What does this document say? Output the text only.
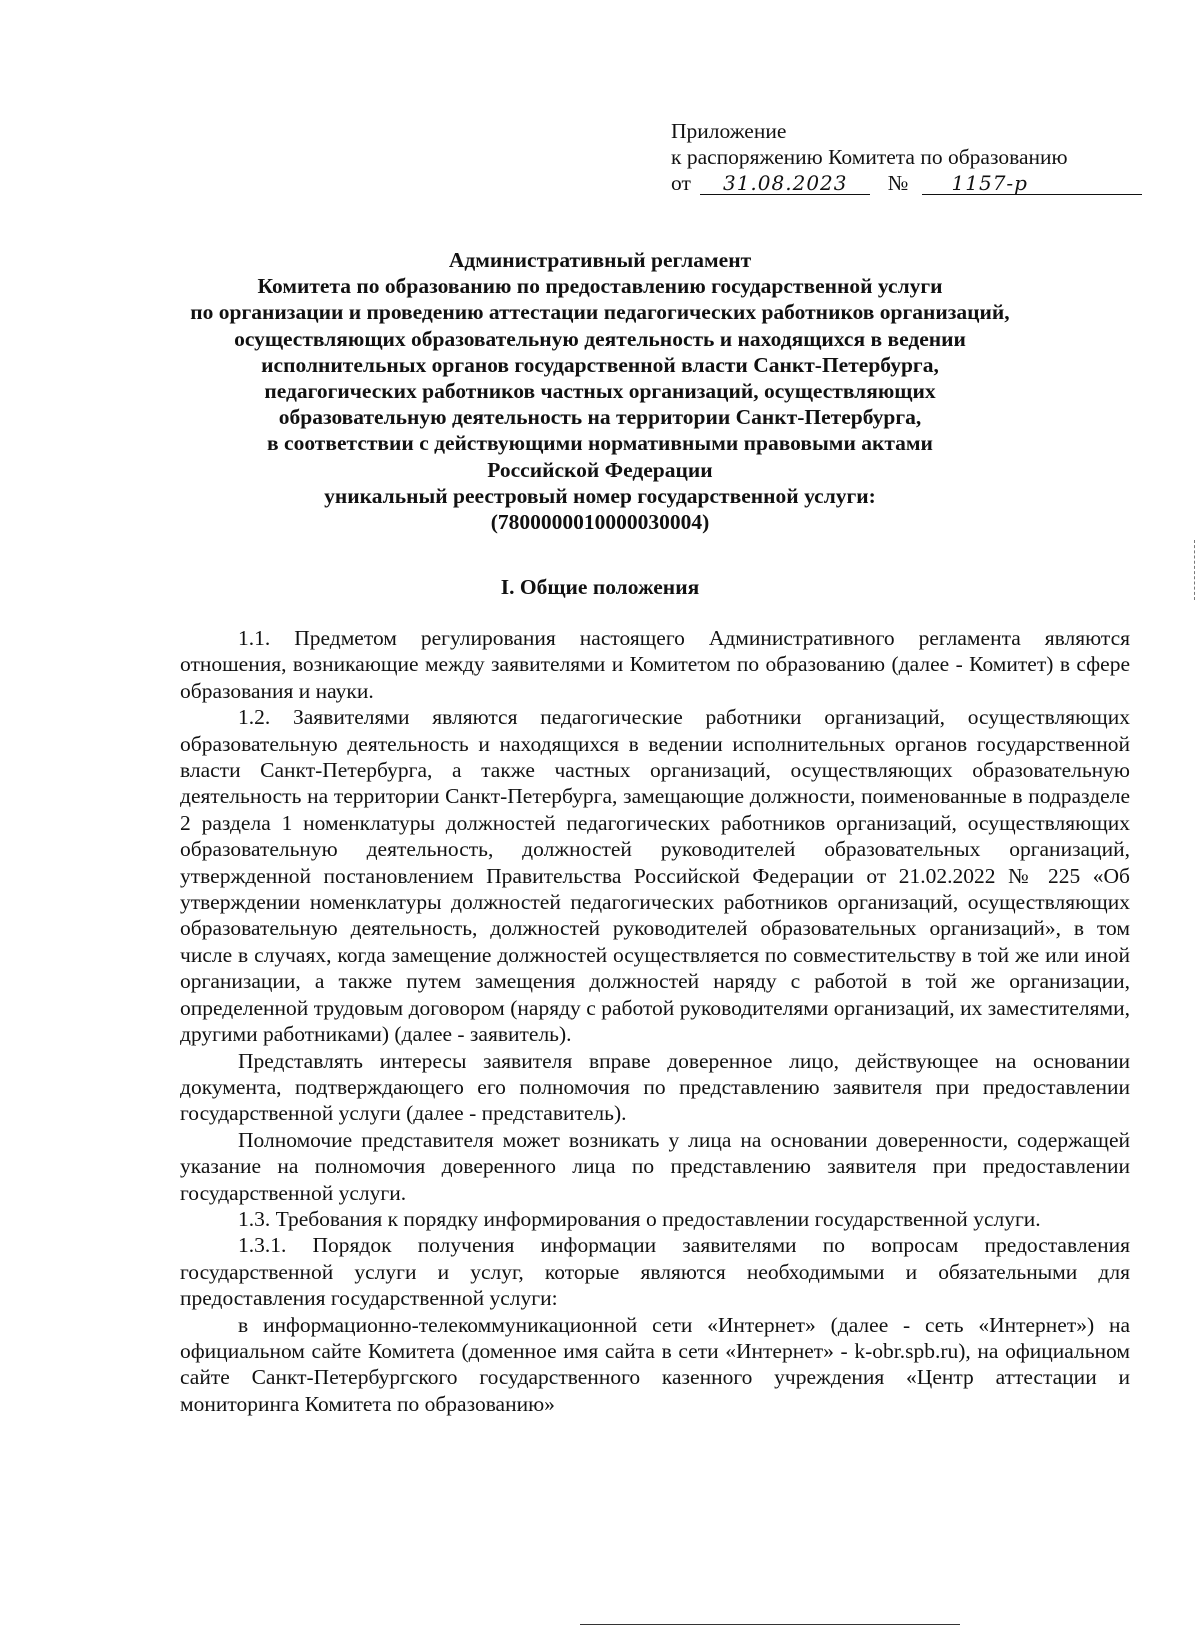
Приложение
к распоряжению Комитета по образованию
от 31.08.2023 № 1157-р
Административный регламент
Комитета по образованию по предоставлению государственной услуги
по организации и проведению аттестации педагогических работников организаций,
осуществляющих образовательную деятельность и находящихся в ведении
исполнительных органов государственной власти Санкт-Петербурга,
педагогических работников частных организаций, осуществляющих
образовательную деятельность на территории Санкт-Петербурга,
в соответствии с действующими нормативными правовыми актами
Российской Федерации
уникальный реестровый номер государственной услуги:
(7800000010000030004)
I. Общие положения

1.1. Предметом регулирования настоящего Административного регламента являются отношения, возникающие между заявителями и Комитетом по образованию (далее - Комитет) в сфере образования и науки.

1.2. Заявителями являются педагогические работники организаций, осуществляющих образовательную деятельность и находящихся в ведении исполнительных органов государственной власти Санкт-Петербурга, а также частных организаций, осуществляющих образовательную деятельность на территории Санкт-Петербурга, замещающие должности, поименованные в подразделе 2 раздела 1 номенклатуры должностей педагогических работников организаций, осуществляющих образовательную деятельность, должностей руководителей образовательных организаций, утвержденной постановлением Правительства Российской Федерации от 21.02.2022 № 225 «Об утверждении номенклатуры должностей педагогических работников организаций, осуществляющих образовательную деятельность, должностей руководителей образовательных организаций», в том числе в случаях, когда замещение должностей осуществляется по совместительству в той же или иной организации, а также путем замещения должностей наряду с работой в той же организации, определенной трудовым договором (наряду с работой руководителями организаций, их заместителями, другими работниками) (далее - заявитель).

Представлять интересы заявителя вправе доверенное лицо, действующее на основании документа, подтверждающего его полномочия по представлению заявителя при предоставлении государственной услуги (далее - представитель).

Полномочие представителя может возникать у лица на основании доверенности, содержащей указание на полномочия доверенного лица по представлению заявителя при предоставлении государственной услуги.

1.3. Требования к порядку информирования о предоставлении государственной услуги.

1.3.1. Порядок получения информации заявителями по вопросам предоставления государственной услуги и услуг, которые являются необходимыми и обязательными для предоставления государственной услуги:

в информационно-телекоммуникационной сети «Интернет» (далее - сеть «Интернет») на официальном сайте Комитета (доменное имя сайта в сети «Интернет» - k-obr.spb.ru), на официальном сайте Санкт-Петербургского государственного казенного учреждения «Центр аттестации и мониторинга Комитета по образованию»
